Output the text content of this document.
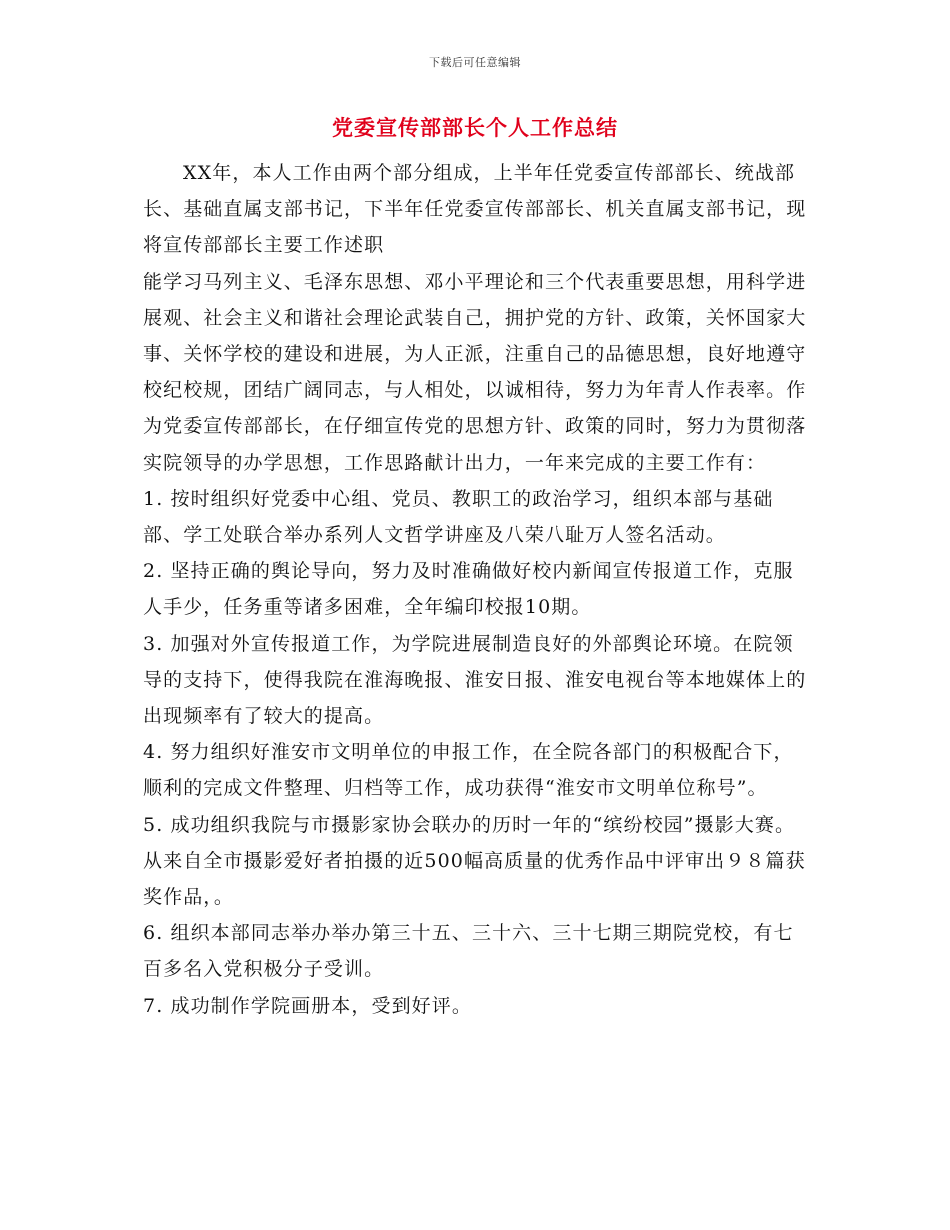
下载后可任意编辑
党委宣传部部长个人工作总结

XX年，本人工作由两个部分组成，上半年任党委宣传部部长、统战部长、基础直属支部书记，下半年任党委宣传部部长、机关直属支部书记，现将宣传部部长主要工作述职

能学习马列主义、毛泽东思想、邓小平理论和三个代表重要思想，用科学进展观、社会主义和谐社会理论武装自己，拥护党的方针、政策，关怀国家大事、关怀学校的建设和进展，为人正派，注重自己的品德思想，良好地遵守校纪校规，团结广阔同志，与人相处，以诚相待，努力为年青人作表率。作为党委宣传部部长，在仔细宣传党的思想方针、政策的同时，努力为贯彻落实院领导的办学思想，工作思路献计出力，一年来完成的主要工作有：

1. 按时组织好党委中心组、党员、教职工的政治学习，组织本部与基础部、学工处联合举办系列人文哲学讲座及八荣八耻万人签名活动。

2. 坚持正确的舆论导向，努力及时准确做好校内新闻宣传报道工作，克服人手少，任务重等诸多困难，全年编印校报10期。

3. 加强对外宣传报道工作，为学院进展制造良好的外部舆论环境。在院领导的支持下，使得我院在淮海晚报、淮安日报、淮安电视台等本地媒体上的出现频率有了较大的提高。

4. 努力组织好淮安市文明单位的申报工作，在全院各部门的积极配合下，顺利的完成文件整理、归档等工作，成功获得“淮安市文明单位称号”。

5. 成功组织我院与市摄影家协会联办的历时一年的“缤纷校园”摄影大赛。从来自全市摄影爱好者拍摄的近500幅高质量的优秀作品中评审出９８篇获奖作品，。

6. 组织本部同志举办举办第三十五、三十六、三十七期三期院党校，有七百多名入党积极分子受训。

7. 成功制作学院画册本，受到好评。
